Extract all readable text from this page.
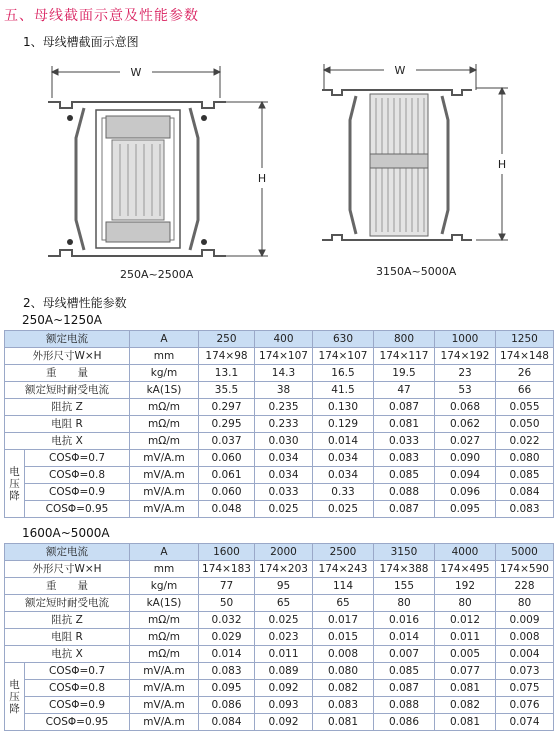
五、母线截面示意及性能参数
1、母线槽截面示意图
W
H
250A~2500A
W
H
3150A~5000A
2、母线槽性能参数
250A~1250A
额定电流		A	250	400	630	800	1000	1250
外形尺寸W×H		mm	174×98	174×107	174×107	174×117	174×192	174×148
重　　量		kg/m	13.1	14.3	16.5	19.5	23	26
额定短时耐受电流		kA(1S)	35.5	38	41.5	47	53	66
阻抗 Z		mΩ/m	0.297	0.235	0.130	0.087	0.068	0.055
电阻 R		mΩ/m	0.295	0.233	0.129	0.081	0.062	0.050
电抗 X		mΩ/m	0.037	0.030	0.014	0.033	0.027	0.022
电压降	COSΦ=0.7	mV/A.m	0.060	0.034	0.034	0.083	0.090	0.080
	COSΦ=0.8	mV/A.m	0.061	0.034	0.034	0.085	0.094	0.085
	COSΦ=0.9	mV/A.m	0.060	0.033	0.33	0.088	0.096	0.084
	COSΦ=0.95	mV/A.m	0.048	0.025	0.025	0.087	0.095	0.083
1600A~5000A
额定电流		A	1600	2000	2500	3150	4000	5000
外形尺寸W×H		mm	174×183	174×203	174×243	174×388	174×495	174×590
重　　量		kg/m	77	95	114	155	192	228
额定短时耐受电流		kA(1S)	50	65	65	80	80	80
阻抗 Z		mΩ/m	0.032	0.025	0.017	0.016	0.012	0.009
电阻 R		mΩ/m	0.029	0.023	0.015	0.014	0.011	0.008
电抗 X		mΩ/m	0.014	0.011	0.008	0.007	0.005	0.004
电压降	COSΦ=0.7	mV/A.m	0.083	0.089	0.080	0.085	0.077	0.073
	COSΦ=0.8	mV/A.m	0.095	0.092	0.082	0.087	0.081	0.075
	COSΦ=0.9	mV/A.m	0.086	0.093	0.083	0.088	0.082	0.076
	COSΦ=0.95	mV/A.m	0.084	0.092	0.081	0.086	0.081	0.074
